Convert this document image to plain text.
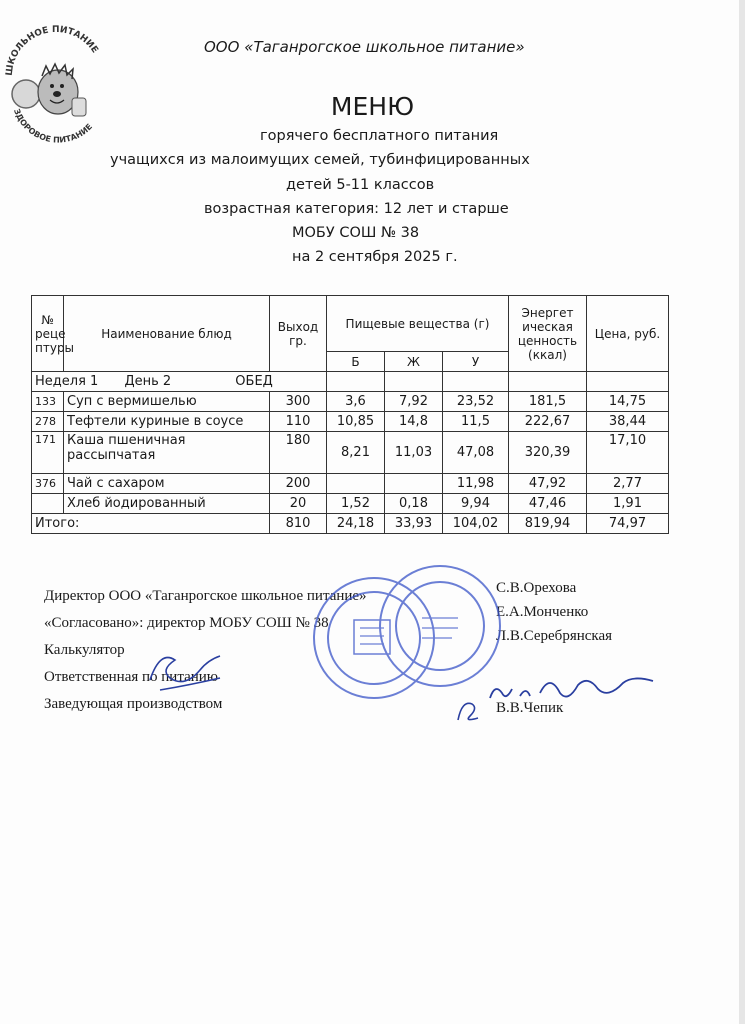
ШКОЛЬНОЕ ПИТАНИЕ
ЗДОРОВОЕ ПИТАНИЕ
ООО «Таганрогское школьное питание»
МЕНЮ
горячего бесплатного питания
учащихся из малоимущих семей, тубинфицированных
детей 5-11 классов
возрастная категория: 12 лет и старше
МОБУ СОШ № 38
на 2 сентября 2025 г.
№ реце птуры	Наименование блюд	Выход гр.	Пищевые вещества (г)			Энергет ическая ценность (ккал)	Цена, руб.
			Б	Ж	У		
Неделя 1 День 2 ОБЕД							
133	Суп с вермишелью	300	3,6	7,92	23,52	181,5	14,75
278	Тефтели куриные в соусе	110	10,85	14,8	11,5	222,67	38,44
171	Каша пшеничная рассыпчатая	180	8,21	11,03	47,08	320,39	17,10
376	Чай с сахаром	200			11,98	47,92	2,77
	Хлеб йодированный	20	1,52	0,18	9,94	47,46	1,91
Итого:		810	24,18	33,93	104,02	819,94	74,97
Директор ООО «Таганрогское школьное питание»
«Согласовано»: директор МОБУ СОШ № 38
Калькулятор
Ответственная по питанию
Заведующая производством
С.В.Орехова
Е.А.Монченко
Л.В.Серебрянская
В.В.Чепик
